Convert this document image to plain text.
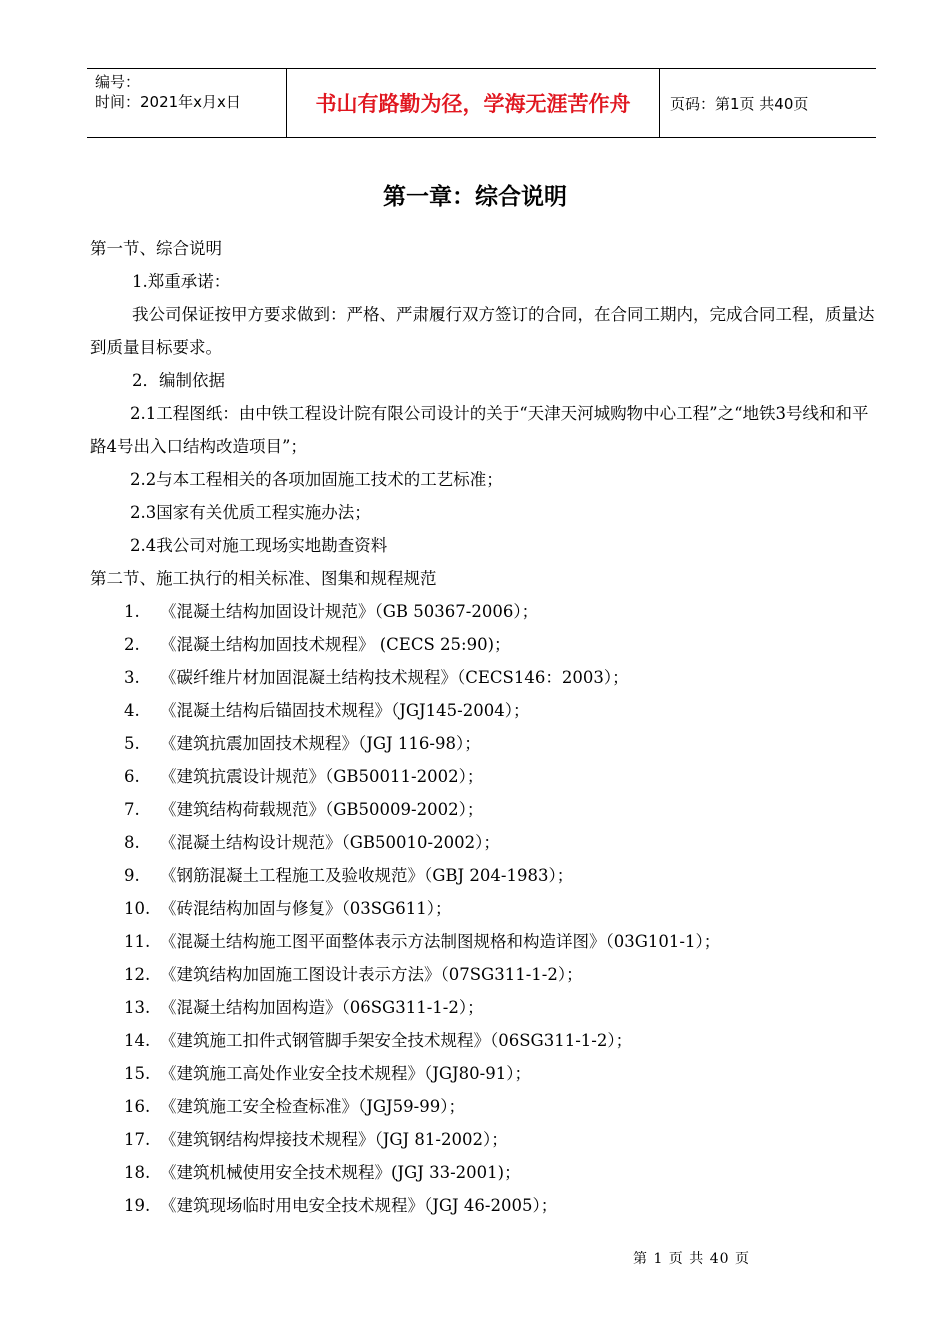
编号：
时间：2021年x月x日	书山有路勤为径，学海无涯苦作舟	页码：第1页 共40页
第一章：综合说明
第一节、综合说明
1.郑重承诺：
我公司保证按甲方要求做到：严格、严肃履行双方签订的合同，在合同工期内，完成合同工程，质量达到质量目标要求。
2．编制依据
2.1工程图纸：由中铁工程设计院有限公司设计的关于“天津天河城购物中心工程”之“地铁3号线和和平路4号出入口结构改造项目”；
2.2与本工程相关的各项加固施工技术的工艺标准；
2.3国家有关优质工程实施办法；
2.4我公司对施工现场实地勘查资料
第二节、施工执行的相关标准、图集和规程规范
1.	《混凝土结构加固设计规范》（GB 50367-2006）；
2.	《混凝土结构加固技术规程》 (CECS 25:90)；
3.	《碳纤维片材加固混凝土结构技术规程》（CECS146：2003）；
4.	《混凝土结构后锚固技术规程》（JGJ145-2004）；
5.	《建筑抗震加固技术规程》（JGJ 116-98）；
6.	《建筑抗震设计规范》（GB50011-2002）；
7.	《建筑结构荷载规范》（GB50009-2002）；
8.	《混凝土结构设计规范》（GB50010-2002）；
9.	《钢筋混凝土工程施工及验收规范》（GBJ 204-1983）；
10. 《砖混结构加固与修复》（03SG611）；
11. 《混凝土结构施工图平面整体表示方法制图规格和构造详图》（03G101-1）；
12. 《建筑结构加固施工图设计表示方法》（07SG311-1-2）；
13. 《混凝土结构加固构造》（06SG311-1-2）；
14. 《建筑施工扣件式钢管脚手架安全技术规程》（06SG311-1-2）；
15. 《建筑施工高处作业安全技术规程》（JGJ80-91）；
16. 《建筑施工安全检查标准》（JGJ59-99）；
17. 《建筑钢结构焊接技术规程》（JGJ 81-2002）；
18. 《建筑机械使用安全技术规程》(JGJ 33-2001)；
19. 《建筑现场临时用电安全技术规程》（JGJ 46-2005）；
第 1 页 共 40 页
